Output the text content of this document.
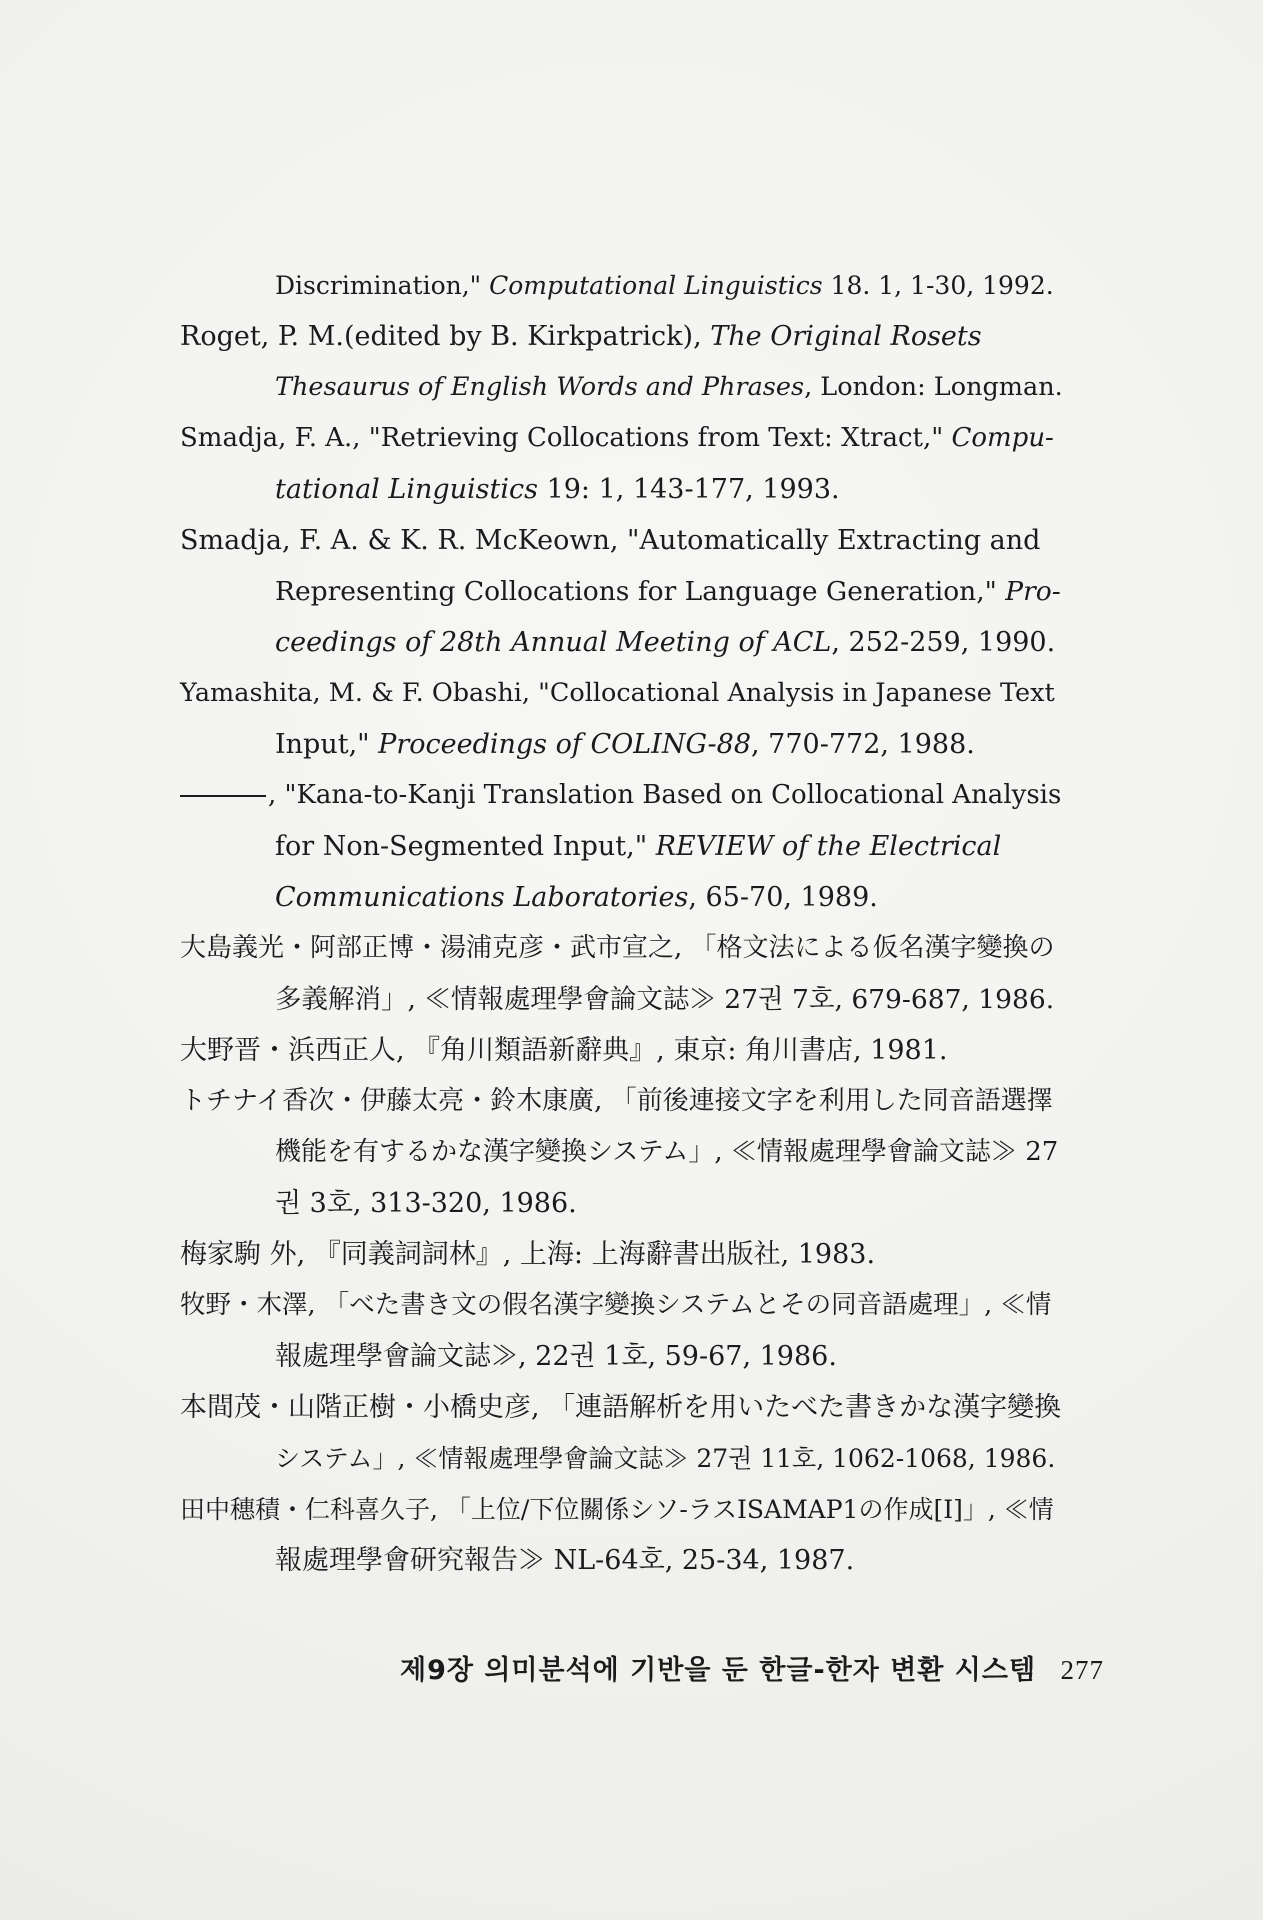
Discrimination," Computational Linguistics 18. 1, 1-30, 1992.
Roget, P. M.(edited by B. Kirkpatrick), The Original Rosets
Thesaurus of English Words and Phrases, London: Longman.
Smadja, F. A., "Retrieving Collocations from Text: Xtract," Compu-
tational Linguistics 19: 1, 143-177, 1993.
Smadja, F. A. & K. R. McKeown, "Automatically Extracting and
Representing Collocations for Language Generation," Pro-
ceedings of 28th Annual Meeting of ACL, 252-259, 1990.
Yamashita, M. & F. Obashi, "Collocational Analysis in Japanese Text
Input," Proceedings of COLING-88, 770-772, 1988.
, "Kana-to-Kanji Translation Based on Collocational Analysis
for Non-Segmented Input," REVIEW of the Electrical
Communications Laboratories, 65-70, 1989.
大島義光・阿部正博・湯浦克彦・武市宣之, 「格文法による仮名漢字變換の
多義解消」, ≪情報處理學會論文誌≫ 27권 7호, 679-687, 1986.
大野晋・浜西正人, 『角川類語新辭典』, 東京: 角川書店, 1981.
トチナイ香次・伊藤太亮・鈴木康廣, 「前後連接文字を利用した同音語選擇
機能を有するかな漢字變換システム」, ≪情報處理學會論文誌≫ 27
권 3호, 313-320, 1986.
梅家駒 外, 『同義詞詞林』, 上海: 上海辭書出版社, 1983.
牧野・木澤, 「べた書き文の假名漢字變換システムとその同音語處理」, ≪情
報處理學會論文誌≫, 22권 1호, 59-67, 1986.
本間茂・山階正樹・小橋史彦, 「連語解析を用いたべた書きかな漢字變換
システム」, ≪情報處理學會論文誌≫ 27권 11호, 1062-1068, 1986.
田中穗積・仁科喜久子, 「上位/下位關係シソ-ラスISAMAP1の作成[I]」, ≪情
報處理學會研究報告≫ NL-64호, 25-34, 1987.
제9장 의미분석에 기반을 둔 한글-한자 변환 시스템 277
